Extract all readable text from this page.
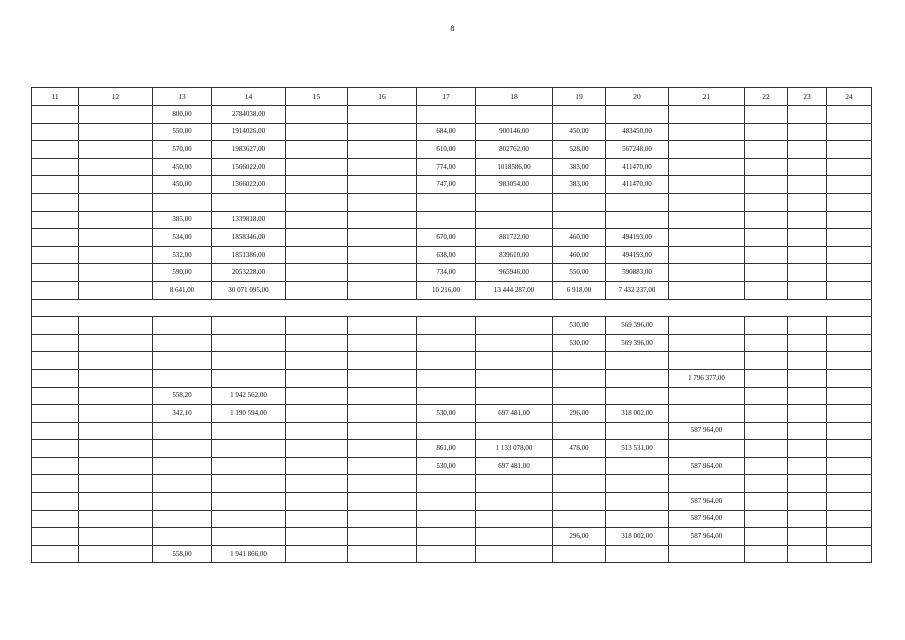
8
11	12	13	14	15	16	17	18	19	20	21	22	23	24
		800,00	2784038,00										
		550,00	1914026,00			684,00	900146,00	450,00	483450,00				
		570,00	1983627,00			610,00	802762,00	528,00	567248,00				
		450,00	1566022,00			774,00	1018586,00	383,00	411470,00				
		450,00	1366022,00			747,00	983054,00	383,00	411470,00				

		385,00	1339818,00										
		534,00	1858346,00			670,00	881722,00	460,00	494193,00				
		532,00	1851386,00			638,00	839610,00	460,00	494193,00				
		590,00	2053228,00			734,00	965946,00	550,00	590883,00				
		8 641,00	30 071 095,00			10 216,00	13 444 287,00	6 918,00	7 432 237,00				

								530,00	569 396,00				
								530,00	569 396,00				

										1 796 377,00			
		558,20	1 942 562,00										
		342,10	1 190 594,00			530,00	697 481,00	296,00	318 002,00				
										587 964,00			
						861,00	1 133 078,00	478,00	513 531,00				
						530,00	697 481,00			587 964,00			

										587 964,00			
										587 964,00			
								296,00	318 002,00	587 964,00			
		558,00	1 941 866,00										
